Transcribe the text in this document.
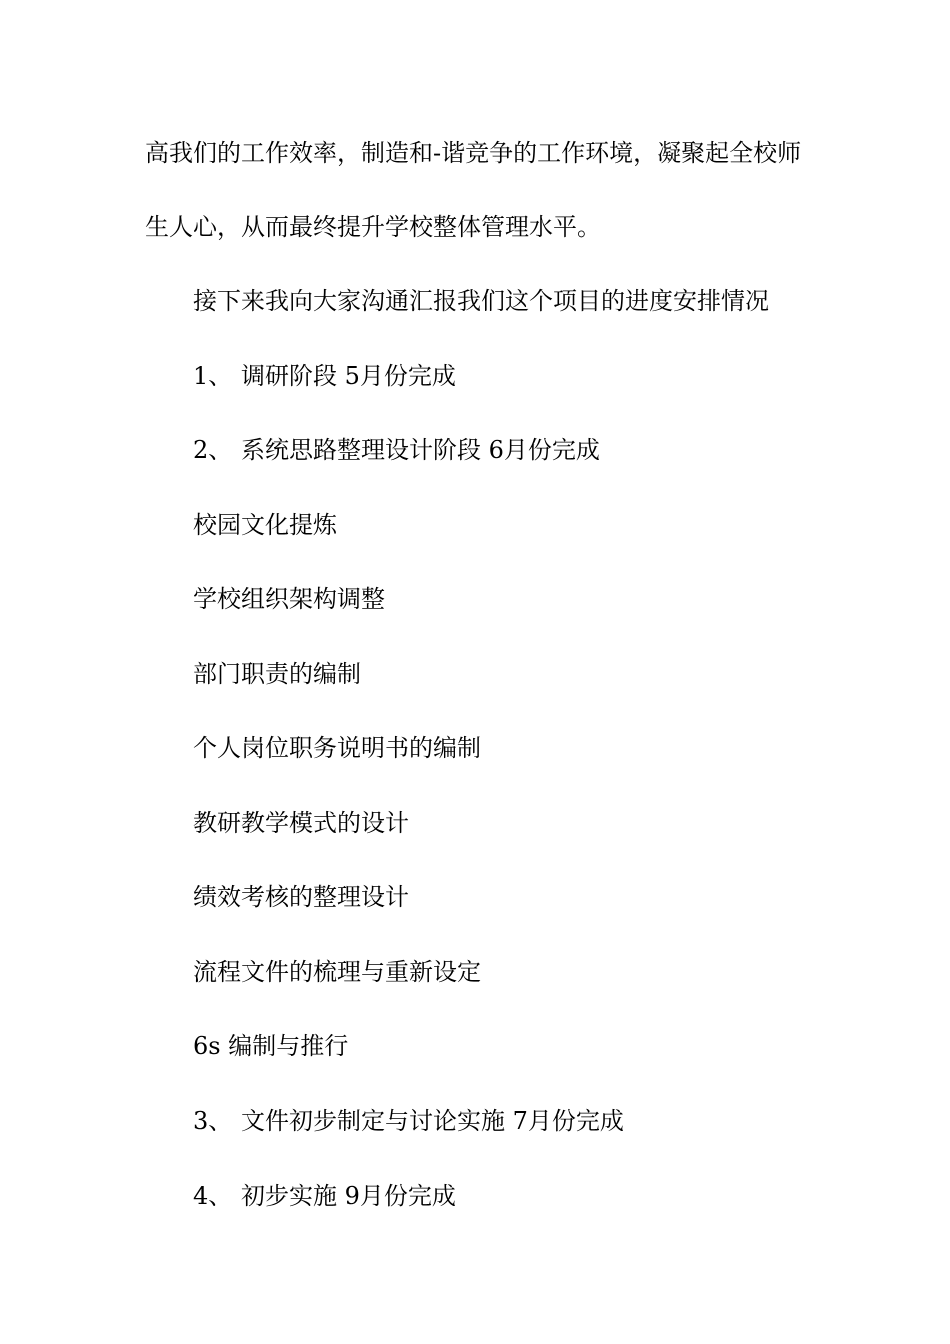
高我们的工作效率，制造和-谐竞争的工作环境，凝聚起全校师
生人心，从而最终提升学校整体管理水平。
接下来我向大家沟通汇报我们这个项目的进度安排情况
1、 调研阶段 5月份完成
2、 系统思路整理设计阶段 6月份完成
校园文化提炼
学校组织架构调整
部门职责的编制
个人岗位职务说明书的编制
教研教学模式的设计
绩效考核的整理设计
流程文件的梳理与重新设定
6s 编制与推行
3、 文件初步制定与讨论实施 7月份完成
4、 初步实施 9月份完成
